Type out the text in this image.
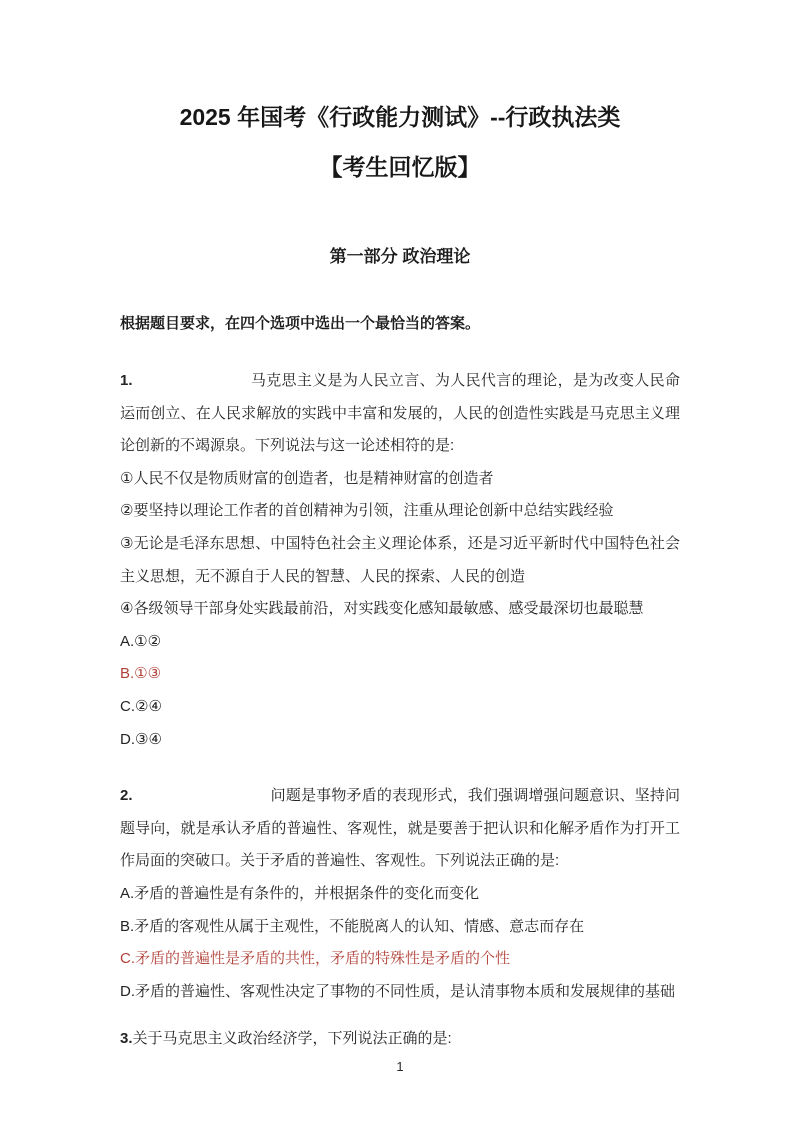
2025 年国考《行政能力测试》--行政执法类
【考生回忆版】
第一部分 政治理论

根据题目要求，在四个选项中选出一个最恰当的答案。

1.	马克思主义是为人民立言、为人民代言的理论，是为改变人民命运而创立、在人民求解放的实践中丰富和发展的，人民的创造性实践是马克思主义理论创新的不竭源泉。下列说法与这一论述相符的是:

①人民不仅是物质财富的创造者，也是精神财富的创造者

②要坚持以理论工作者的首创精神为引领，注重从理论创新中总结实践经验

③无论是毛泽东思想、中国特色社会主义理论体系，还是习近平新时代中国特色社会主义思想，无不源自于人民的智慧、人民的探索、人民的创造

④各级领导干部身处实践最前沿，对实践变化感知最敏感、感受最深切也最聪慧

A.①②

B.①③

C.②④

D.③④

2.	问题是事物矛盾的表现形式，我们强调增强问题意识、坚持问题导向，就是承认矛盾的普遍性、客观性，就是要善于把认识和化解矛盾作为打开工作局面的突破口。关于矛盾的普遍性、客观性。下列说法正确的是:

A.矛盾的普遍性是有条件的，并根据条件的变化而变化

B.矛盾的客观性从属于主观性，不能脱离人的认知、情感、意志而存在

C.矛盾的普遍性是矛盾的共性，矛盾的特殊性是矛盾的个性

D.矛盾的普遍性、客观性决定了事物的不同性质，是认清事物本质和发展规律的基础

3.关于马克思主义政治经济学，下列说法正确的是:

1
